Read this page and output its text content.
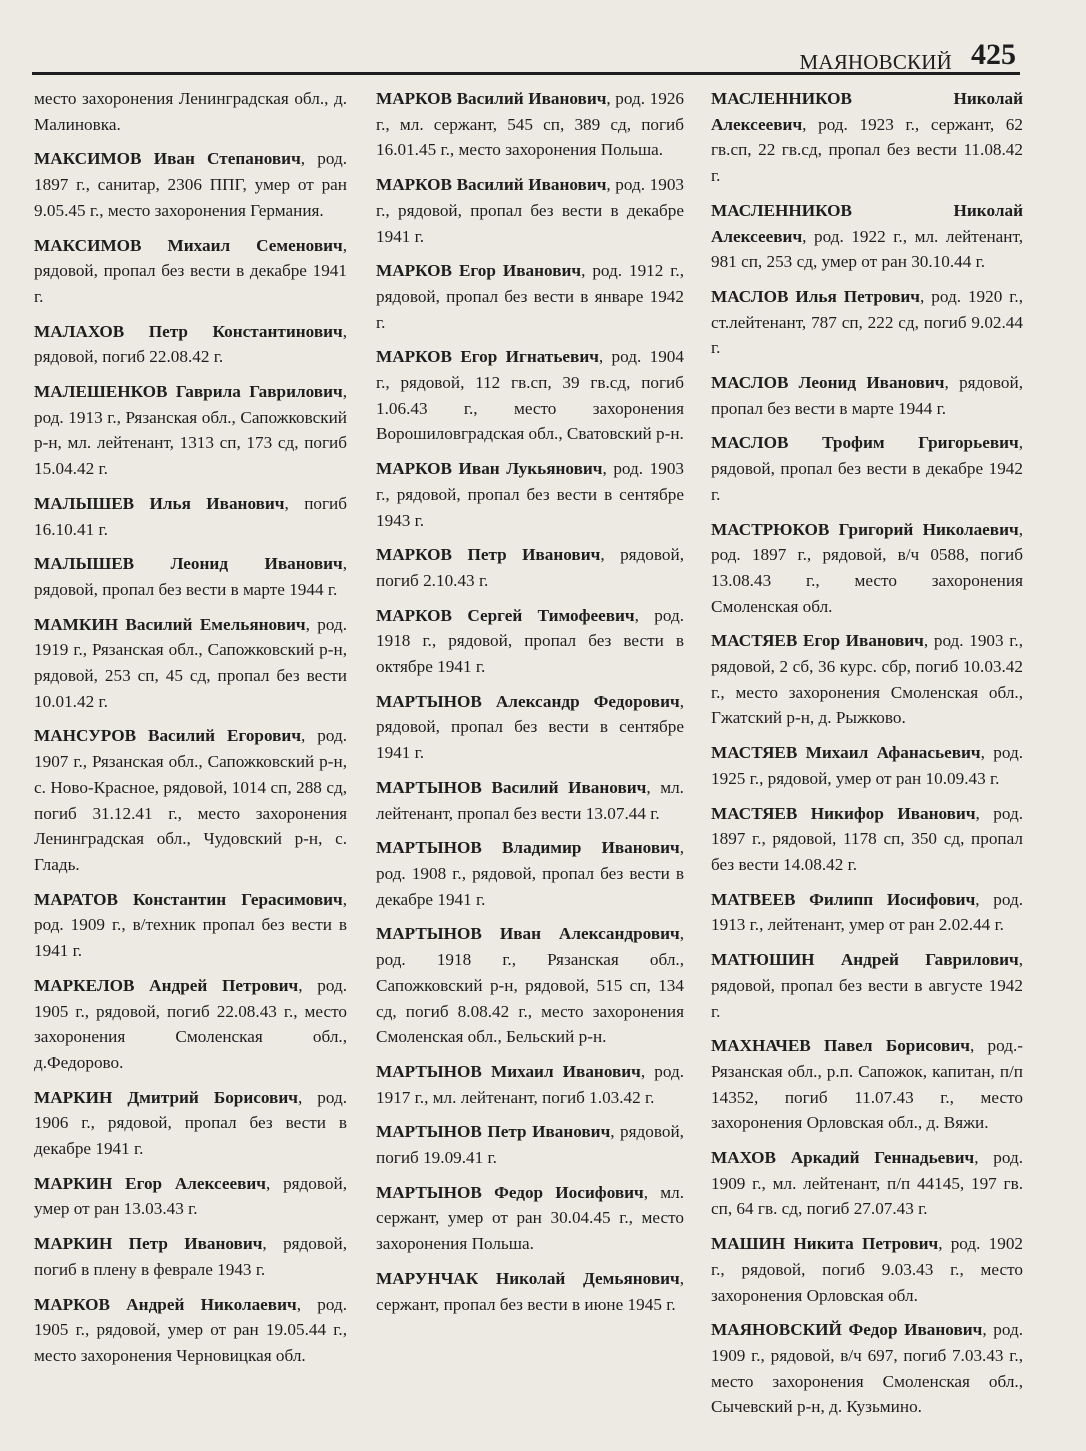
МАЯНОВСКИЙ 425

место захоронения Ленинградская обл., д. Малиновка.

МАКСИМОВ Иван Степанович, род. 1897 г., санитар, 2306 ППГ, умер от ран 9.05.45 г., место захоронения Германия.

МАКСИМОВ Михаил Семенович, рядовой, пропал без вести в декабре 1941 г.

МАЛАХОВ Петр Константинович, рядовой, погиб 22.08.42 г.

МАЛЕШЕНКОВ Гаврила Гаврилович, род. 1913 г., Рязанская обл., Сапожковский р-н, мл. лейтенант, 1313 сп, 173 сд, погиб 15.04.42 г.

МАЛЫШЕВ Илья Иванович, погиб 16.10.41 г.

МАЛЫШЕВ Леонид Иванович, рядовой, пропал без вести в марте 1944 г.

МАМКИН Василий Емельянович, род. 1919 г., Рязанская обл., Сапожковский р-н, рядовой, 253 сп, 45 сд, пропал без вести 10.01.42 г.

МАНСУРОВ Василий Егорович, род. 1907 г., Рязанская обл., Сапожковский р-н, с. Ново-Красное, рядовой, 1014 сп, 288 сд, погиб 31.12.41 г., место захоронения Ленинградская обл., Чудовский р-н, с. Гладь.

МАРАТОВ Константин Герасимович, род. 1909 г., в/техник пропал без вести в 1941 г.

МАРКЕЛОВ Андрей Петрович, род. 1905 г., рядовой, погиб 22.08.43 г., место захоронения Смоленская обл., д.Федорово.

МАРКИН Дмитрий Борисович, род. 1906 г., рядовой, пропал без вести в декабре 1941 г.

МАРКИН Егор Алексеевич, рядовой, умер от ран 13.03.43 г.

МАРКИН Петр Иванович, рядовой, погиб в плену в феврале 1943 г.

МАРКОВ Андрей Николаевич, род. 1905 г., рядовой, умер от ран 19.05.44 г., место захоронения Черновицкая обл.

МАРКОВ Василий Иванович, род. 1926 г., мл. сержант, 545 сп, 389 сд, погиб 16.01.45 г., место захоронения Польша.

МАРКОВ Василий Иванович, род. 1903 г., рядовой, пропал без вести в декабре 1941 г.

МАРКОВ Егор Иванович, род. 1912 г., рядовой, пропал без вести в январе 1942 г.

МАРКОВ Егор Игнатьевич, род. 1904 г., рядовой, 112 гв.сп, 39 гв.сд, погиб 1.06.43 г., место захоронения Ворошиловградская обл., Сватовский р-н.

МАРКОВ Иван Лукьянович, род. 1903 г., рядовой, пропал без вести в сентябре 1943 г.

МАРКОВ Петр Иванович, рядовой, погиб 2.10.43 г.

МАРКОВ Сергей Тимофеевич, род. 1918 г., рядовой, пропал без вести в октябре 1941 г.

МАРТЫНОВ Александр Федорович, рядовой, пропал без вести в сентябре 1941 г.

МАРТЫНОВ Василий Иванович, мл. лейтенант, пропал без вести 13.07.44 г.

МАРТЫНОВ Владимир Иванович, род. 1908 г., рядовой, пропал без вести в декабре 1941 г.

МАРТЫНОВ Иван Александрович, род. 1918 г., Рязанская обл., Сапожковский р-н, рядовой, 515 сп, 134 сд, погиб 8.08.42 г., место захоронения Смоленская обл., Бельский р-н.

МАРТЫНОВ Михаил Иванович, род. 1917 г., мл. лейтенант, погиб 1.03.42 г.

МАРТЫНОВ Петр Иванович, рядовой, погиб 19.09.41 г.

МАРТЫНОВ Федор Иосифович, мл. сержант, умер от ран 30.04.45 г., место захоронения Польша.

МАРУНЧАК Николай Демьянович, сержант, пропал без вести в июне 1945 г.

МАСЛЕННИКОВ Николай Алексеевич, род. 1923 г., сержант, 62 гв.сп, 22 гв.сд, пропал без вести 11.08.42 г.

МАСЛЕННИКОВ Николай Алексеевич, род. 1922 г., мл. лейтенант, 981 сп, 253 сд, умер от ран 30.10.44 г.

МАСЛОВ Илья Петрович, род. 1920 г., ст.лейтенант, 787 сп, 222 сд, погиб 9.02.44 г.

МАСЛОВ Леонид Иванович, рядовой, пропал без вести в марте 1944 г.

МАСЛОВ Трофим Григорьевич, рядовой, пропал без вести в декабре 1942 г.

МАСТРЮКОВ Григорий Николаевич, род. 1897 г., рядовой, в/ч 0588, погиб 13.08.43 г., место захоронения Смоленская обл.

МАСТЯЕВ Егор Иванович, род. 1903 г., рядовой, 2 сб, 36 курс. сбр, погиб 10.03.42 г., место захоронения Смоленская обл., Гжатский р-н, д. Рыжково.

МАСТЯЕВ Михаил Афанасьевич, род. 1925 г., рядовой, умер от ран 10.09.43 г.

МАСТЯЕВ Никифор Иванович, род. 1897 г., рядовой, 1178 сп, 350 сд, пропал без вести 14.08.42 г.

МАТВЕЕВ Филипп Иосифович, род. 1913 г., лейтенант, умер от ран 2.02.44 г.

МАТЮШИН Андрей Гаврилович, рядовой, пропал без вести в августе 1942 г.

МАХНАЧЕВ Павел Борисович, род.- Рязанская обл., р.п. Сапожок, капитан, п/п 14352, погиб 11.07.43 г., место захоронения Орловская обл., д. Вяжи.

МАХОВ Аркадий Геннадьевич, род. 1909 г., мл. лейтенант, п/п 44145, 197 гв. сп, 64 гв. сд, погиб 27.07.43 г.

МАШИН Никита Петрович, род. 1902 г., рядовой, погиб 9.03.43 г., место захоронения Орловская обл.

МАЯНОВСКИЙ Федор Иванович, род. 1909 г., рядовой, в/ч 697, погиб 7.03.43 г., место захоронения Смоленская обл., Сычевский р-н, д. Кузьмино.
